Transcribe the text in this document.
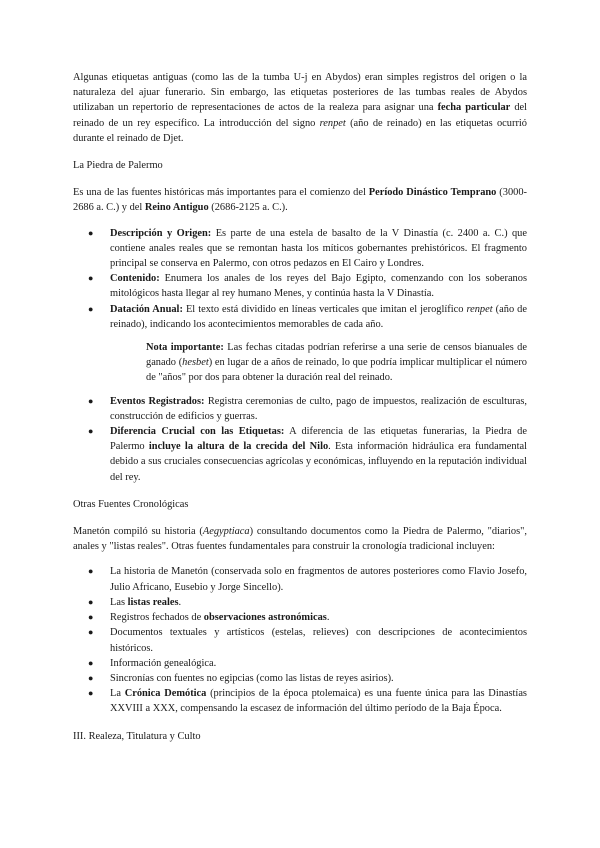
Algunas etiquetas antiguas (como las de la tumba U-j en Abydos) eran simples registros del origen o la naturaleza del ajuar funerario. Sin embargo, las etiquetas posteriores de las tumbas reales de Abydos utilizaban un repertorio de representaciones de actos de la realeza para asignar una fecha particular del reinado de un rey específico. La introducción del signo renpet (año de reinado) en las etiquetas ocurrió durante el reinado de Djet.

La Piedra de Palermo

Es una de las fuentes históricas más importantes para el comienzo del Período Dinástico Temprano (3000-2686 a. C.) y del Reino Antiguo (2686-2125 a. C.).

● Descripción y Origen: Es parte de una estela de basalto de la V Dinastía (c. 2400 a. C.) que contiene anales reales que se remontan hasta los míticos gobernantes prehistóricos. El fragmento principal se conserva en Palermo, con otros pedazos en El Cairo y Londres.
● Contenido: Enumera los anales de los reyes del Bajo Egipto, comenzando con los soberanos mitológicos hasta llegar al rey humano Menes, y continúa hasta la V Dinastía.
● Datación Anual: El texto está dividido en líneas verticales que imitan el jeroglífico renpet (año de reinado), indicando los acontecimientos memorables de cada año.
Nota importante: Las fechas citadas podrían referirse a una serie de censos bianuales de ganado (hesbet) en lugar de a años de reinado, lo que podría implicar multiplicar el número de "años" por dos para obtener la duración real del reinado.
● Eventos Registrados: Registra ceremonias de culto, pago de impuestos, realización de esculturas, construcción de edificios y guerras.
● Diferencia Crucial con las Etiquetas: A diferencia de las etiquetas funerarias, la Piedra de Palermo incluye la altura de la crecida del Nilo. Esta información hidráulica era fundamental debido a sus cruciales consecuencias agrícolas y económicas, influyendo en la reputación individual del rey.
Otras Fuentes Cronológicas

Manetón compiló su historia (Aegyptiaca) consultando documentos como la Piedra de Palermo, "diarios", anales y "listas reales". Otras fuentes fundamentales para construir la cronología tradicional incluyen:

● La historia de Manetón (conservada solo en fragmentos de autores posteriores como Flavio Josefo, Julio Africano, Eusebio y Jorge Sincello).
● Las listas reales.
● Registros fechados de observaciones astronómicas.
● Documentos textuales y artísticos (estelas, relieves) con descripciones de acontecimientos históricos.
● Información genealógica.
● Sincronías con fuentes no egipcias (como las listas de reyes asirios).
● La Crónica Demótica (principios de la época ptolemaica) es una fuente única para las Dinastías XXVIII a XXX, compensando la escasez de información del último período de la Baja Época.
III. Realeza, Titulatura y Culto
